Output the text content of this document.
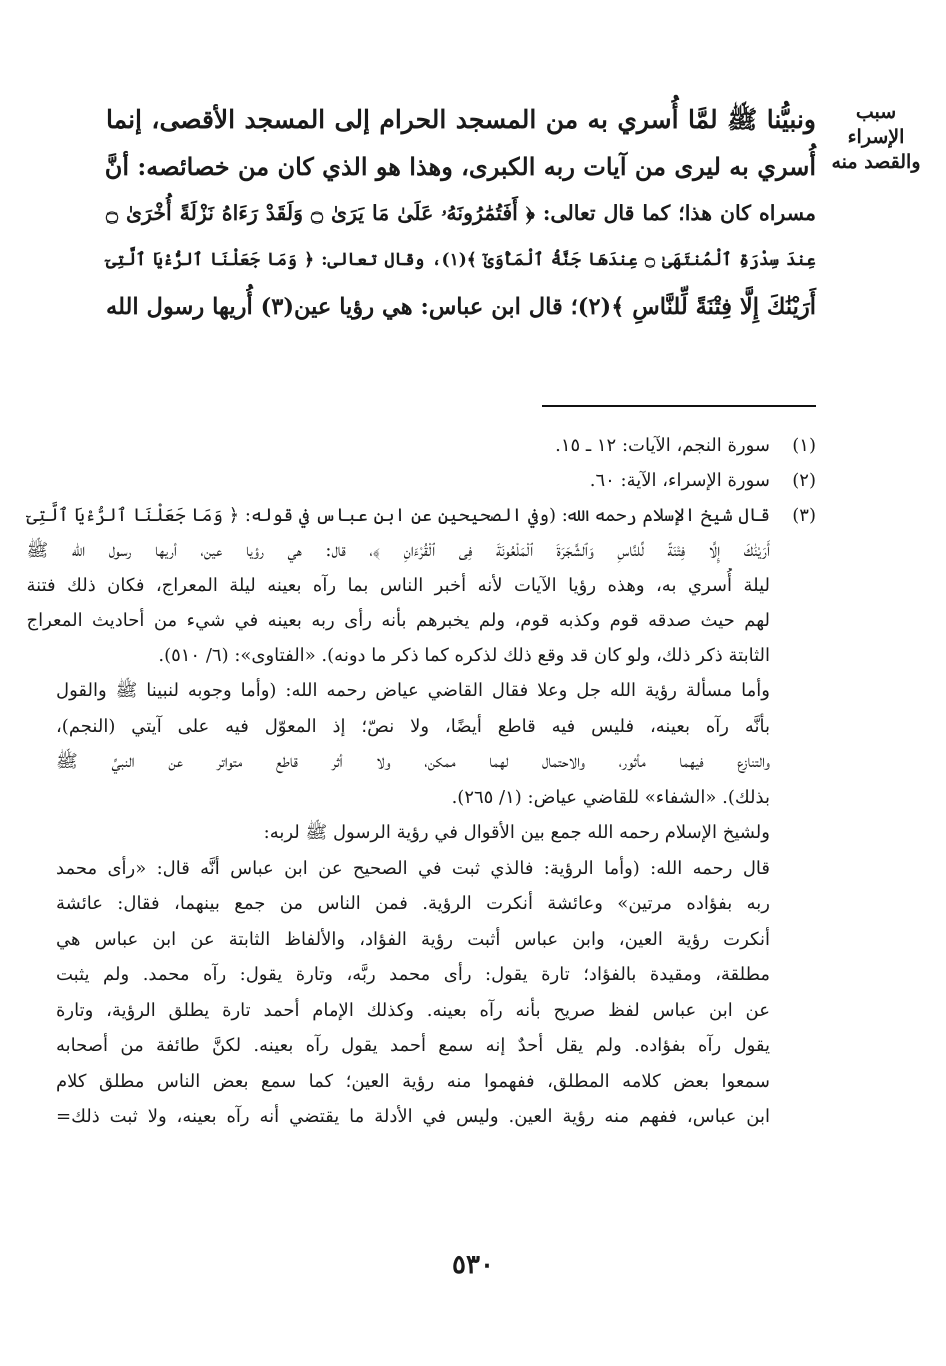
سبب الإسراء
والقصد منه
ونبيُّنا ﷺ لمَّا أُسري به من المسجد الحرام إلى المسجد الأقصى، إنما
أُسري به ليرى من آيات ربه الكبرى، وهذا هو الذي كان من خصائصه: أنَّ
مسراه كان هذا؛ كما قال تعالى: ﴿ أَفَتُمَٰرُونَهُۥ عَلَىٰ مَا يَرَىٰ ۝ وَلَقَدْ رَءَاهُ نَزْلَةً أُخْرَىٰ ۝
عِندَ سِدْرَةِ ٱلْمُنتَهَىٰ ۝ عِندَهَا جَنَّةُ ٱلْمَأْوَىٰٓ ﴾(١)، وقال تعالى: ﴿ وَمَا جَعَلْنَا ٱلرُّءْيَا ٱلَّتِىٓ
أَرَيْنَٰكَ إِلَّا فِتْنَةً لِّلنَّاسِ ﴾(٢)؛ قال ابن عباس: هي رؤيا عين(٣) أُريها رسول الله
(١)
سورة النجم، الآيات: ١٢ ـ ١٥.
(٢)
سورة الإسراء، الآية: ٦٠.
(٣)
قال شيخ الإسلام رحمه الله: (وفي الصحيحين عن ابن عباس في قوله: ﴿ وَمَا جَعَلْنَا ٱلرُّءْيَا ٱلَّتِىٓ
أَرَيْنَٰكَ إِلَّا فِتْنَةً لِّلنَّاسِ وَٱلشَّجَرَةَ ٱلْمَلْعُونَةَ فِى ٱلْقُرْءَانِ ﴾، قال: هي رؤيا عين، أريها رسول الله ﷺ
ليلة أُسري به، وهذه رؤيا الآيات لأنه أخبر الناس بما رآه بعينه ليلة المعراج، فكان ذلك فتنة
لهم حيث صدقه قوم وكذبه قوم، ولم يخبرهم بأنه رأى ربه بعينه في شيء من أحاديث المعراج
الثابتة ذكر ذلك، ولو كان قد وقع ذلك لذكره كما ذكر ما دونه). «الفتاوى»: (٦/ ٥١٠).
وأما مسألة رؤية الله جل وعلا فقال القاضي عياض رحمه الله: (وأما وجوبه لنبينا ﷺ والقول
بأنَّه رآه بعينه، فليس فيه قاطع أيضًا، ولا نصّ؛ إذ المعوّل فيه على آيتي (النجم)،
والتنازع فيهما مأثور، والاحتمال لهما ممكن، ولا أثر قاطع متواتر عن النبيِّ ﷺ
بذلك). «الشفاء» للقاضي عياض: (١/ ٢٦٥).
ولشيخ الإسلام رحمه الله جمع بين الأقوال في رؤية الرسول ﷺ لربه:
قال رحمه الله: (وأما الرؤية: فالذي ثبت في الصحيح عن ابن عباس أنَّه قال: «رأى محمد
ربه بفؤاده مرتين» وعائشة أنكرت الرؤية. فمن الناس من جمع بينهما، فقال: عائشة
أنكرت رؤية العين، وابن عباس أثبت رؤية الفؤاد، والألفاظ الثابتة عن ابن عباس هي
مطلقة، ومقيدة بالفؤاد؛ تارة يقول: رأى محمد ربَّه، وتارة يقول: رآه محمد. ولم يثبت
عن ابن عباس لفظ صريح بأنه رآه بعينه. وكذلك الإمام أحمد تارة يطلق الرؤية، وتارة
يقول رآه بفؤاده. ولم يقل أحدٌ إنه سمع أحمد يقول رآه بعينه. لكنَّ طائفة من أصحابه
سمعوا بعض كلامه المطلق، ففهموا منه رؤية العين؛ كما سمع بعض الناس مطلق كلام
ابن عباس، ففهم منه رؤية العين. وليس في الأدلة ما يقتضي أنه رآه بعينه، ولا ثبت ذلك=
٥٣٠
